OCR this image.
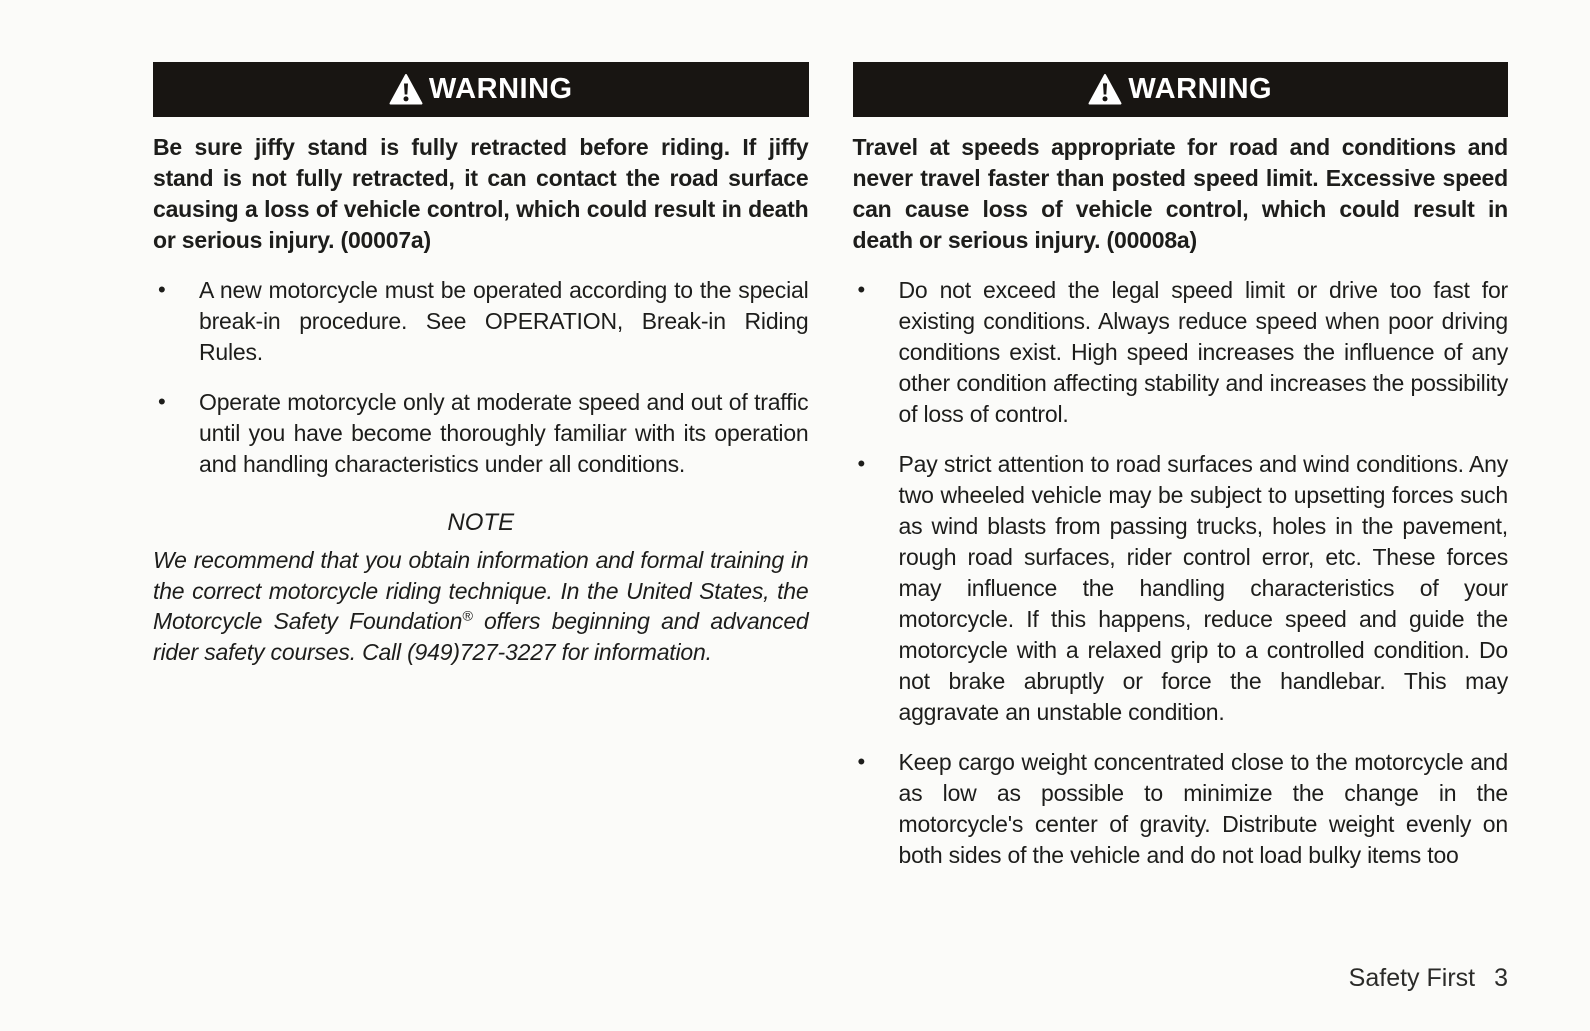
WARNING

Be sure jiffy stand is fully retracted before riding. If jiffy stand is not fully retracted, it can contact the road surface causing a loss of vehicle control, which could result in death or serious injury. (00007a)

• A new motorcycle must be operated according to the special break-in procedure. See OPERATION, Break-in Riding Rules.
• Operate motorcycle only at moderate speed and out of traffic until you have become thoroughly familiar with its operation and handling characteristics under all conditions.
NOTE

We recommend that you obtain information and formal training in the correct motorcycle riding technique. In the United States, the Motorcycle Safety Foundation® offers beginning and advanced rider safety courses. Call (949)727-3227 for information.

WARNING

Travel at speeds appropriate for road and conditions and never travel faster than posted speed limit. Excessive speed can cause loss of vehicle control, which could result in death or serious injury. (00008a)

• Do not exceed the legal speed limit or drive too fast for existing conditions. Always reduce speed when poor driving conditions exist. High speed increases the influence of any other condition affecting stability and increases the possibility of loss of control.
• Pay strict attention to road surfaces and wind conditions. Any two wheeled vehicle may be subject to upsetting forces such as wind blasts from passing trucks, holes in the pavement, rough road surfaces, rider control error, etc. These forces may influence the handling characteristics of your motorcycle. If this happens, reduce speed and guide the motorcycle with a relaxed grip to a controlled condition. Do not brake abruptly or force the handlebar. This may aggravate an unstable condition.
• Keep cargo weight concentrated close to the motorcycle and as low as possible to minimize the change in the motorcycle's center of gravity. Distribute weight evenly on both sides of the vehicle and do not load bulky items too
Safety First 3
